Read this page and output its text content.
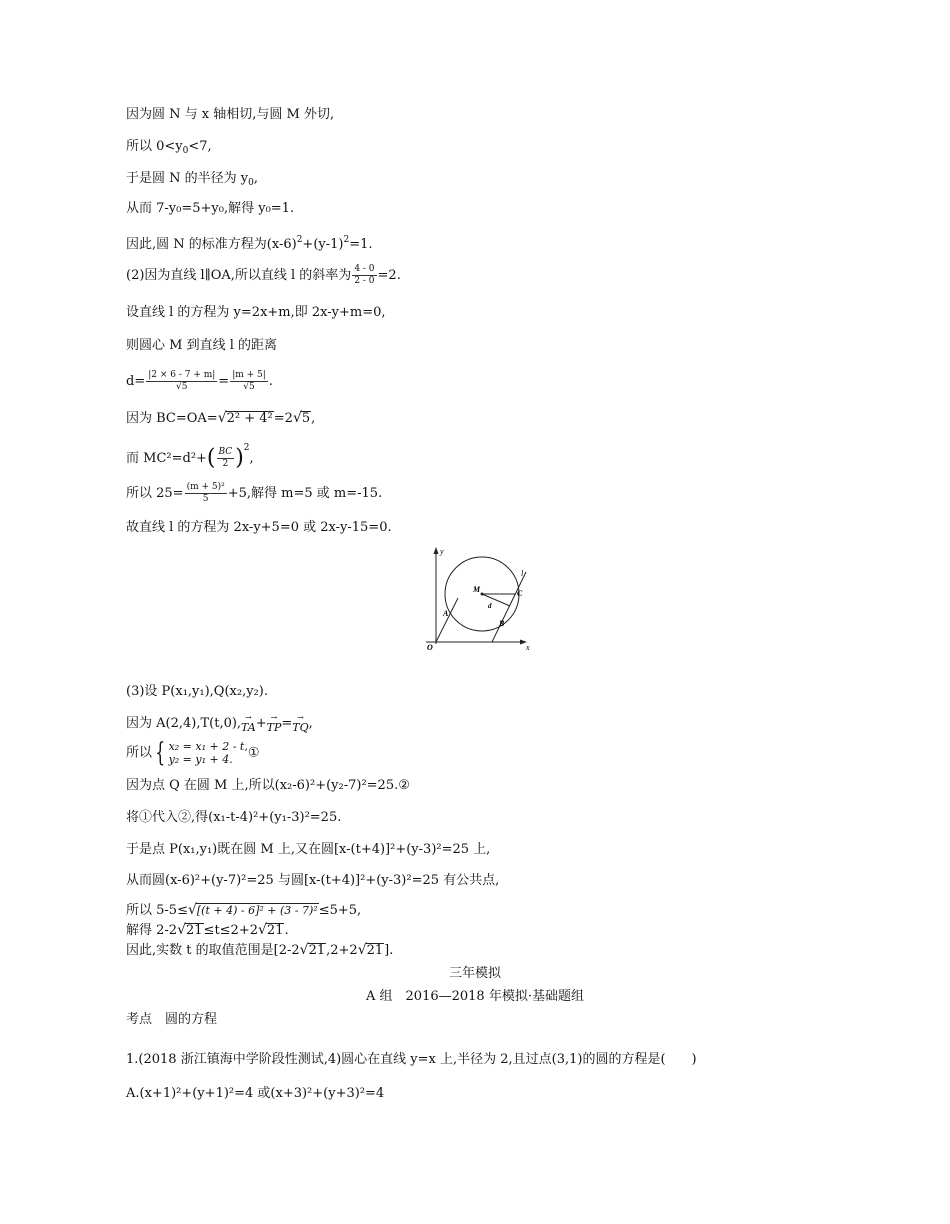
因为圆 N 与 x 轴相切,与圆 M 外切,
所以 $0<y_0<7$,
于是圆 N 的半径为 $y_0$,
从而 7-y₀=5+y₀,解得 y₀=1.
因此,圆 N 的标准方程为$(x-6)^2+(y-1)^2=1$.
(2)因为直线 l∥OA,所以直线 l 的斜率为 $\frac{4 - 0}{2 - 0} =2$.
设直线 l 的方程为 y=2x+m,即 2x-y+m=0,
则圆心 M 到直线 l 的距离
$d= \frac{|2 \times 6 - 7 + m|}{√5} = \frac{|m + 5|}{√5}$ .
因为 BC=OA=√2² + 4²=2√5,
而 $MC^2=d^2+( \frac{BC}{2} )^2$,
所以 $25= \frac{\text{(m + 5)²}}{5} +5$,解得 m=5 或 m=-15.
故直线 l 的方程为 2x-y+5=0 或 2x-y-15=0.
y
x
O
M
d
C
A
B
l
(3)设 P(x₁,y₁),Q(x₂,y₂).
因为 A(2,4),T(t,0), →
TA+ →
TP= →
TQ,
所以 { x₂ = x₁ + 2 - t,
y₂ = y₁ + 4.	①
因为点 Q 在圆 M 上,所以(x₂-6)²+(y₂-7)²=25.②
将①代入②,得(x₁-t-4)²+(y₁-3)²=25.
于是点 P(x₁,y₁)既在圆 M 上,又在圆[x-(t+4)]²+(y-3)²=25 上,
从而圆(x-6)²+(y-7)²=25 与圆[x-(t+4)]²+(y-3)²=25 有公共点,
所以 5-5≤√[(t + 4) - 6]² + (3 - 7)²≤5+5,
解得 2-2√21≤t≤2+2√21.
因此,实数 t 的取值范围是[2-2√21,2+2√21].
三年模拟
A 组　2016—2018 年模拟·基础题组
考点　圆的方程
1.(2018 浙江镇海中学阶段性测试,4)圆心在直线 y=x 上,半径为 2,且过点(3,1)的圆的方程是(　　)
A.(x+1)²+(y+1)²=4 或(x+3)²+(y+3)²=4
